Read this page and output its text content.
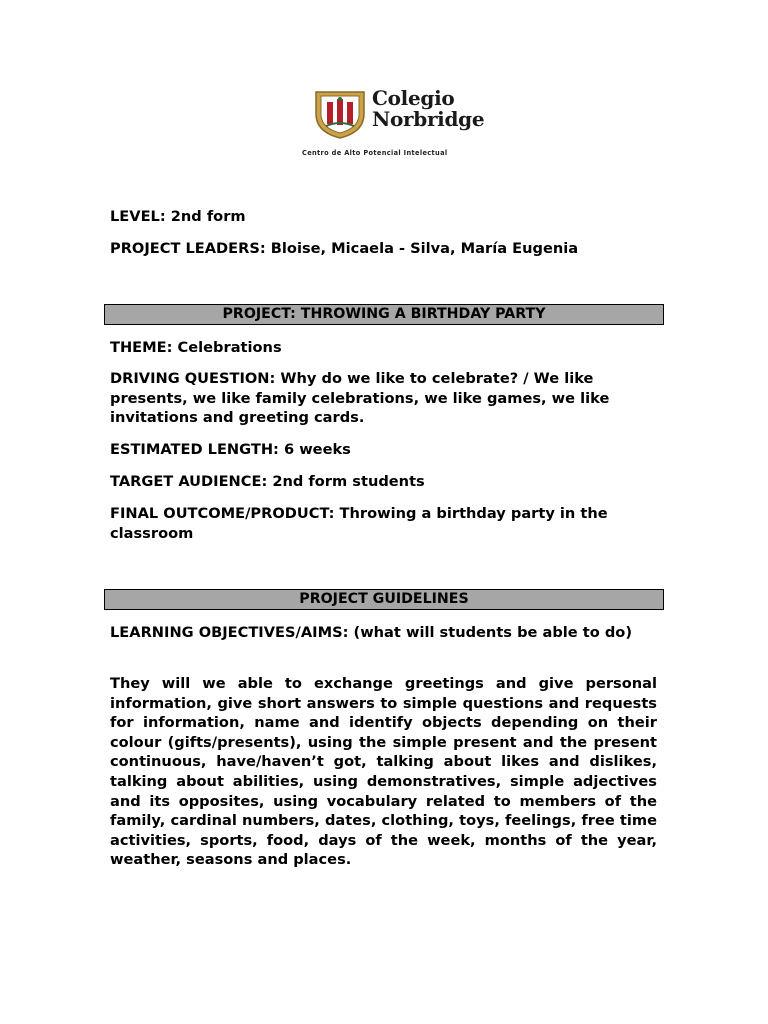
Colegio
Norbridge
Centro de Alto Potencial Intelectual

LEVEL: 2nd form

PROJECT LEADERS: Bloise, Micaela - Silva, María Eugenia

PROJECT: THROWING A BIRTHDAY PARTY

THEME: Celebrations

DRIVING QUESTION: Why do we like to celebrate? / We like presents, we like family celebrations, we like games, we like invitations and greeting cards.

ESTIMATED LENGTH: 6 weeks

TARGET AUDIENCE: 2nd form students

FINAL OUTCOME/PRODUCT: Throwing a birthday party in the classroom

PROJECT GUIDELINES

LEARNING OBJECTIVES/AIMS: (what will students be able to do)

They will we able to exchange greetings and give personal information, give short answers to simple questions and requests for information, name and identify objects depending on their colour (gifts/presents), using the simple present and the present continuous, have/haven’t got, talking about likes and dislikes, talking about abilities, using demonstratives, simple adjectives and its opposites, using vocabulary related to members of the family, cardinal numbers, dates, clothing, toys, feelings, free time activities, sports, food, days of the week, months of the year, weather, seasons and places.
